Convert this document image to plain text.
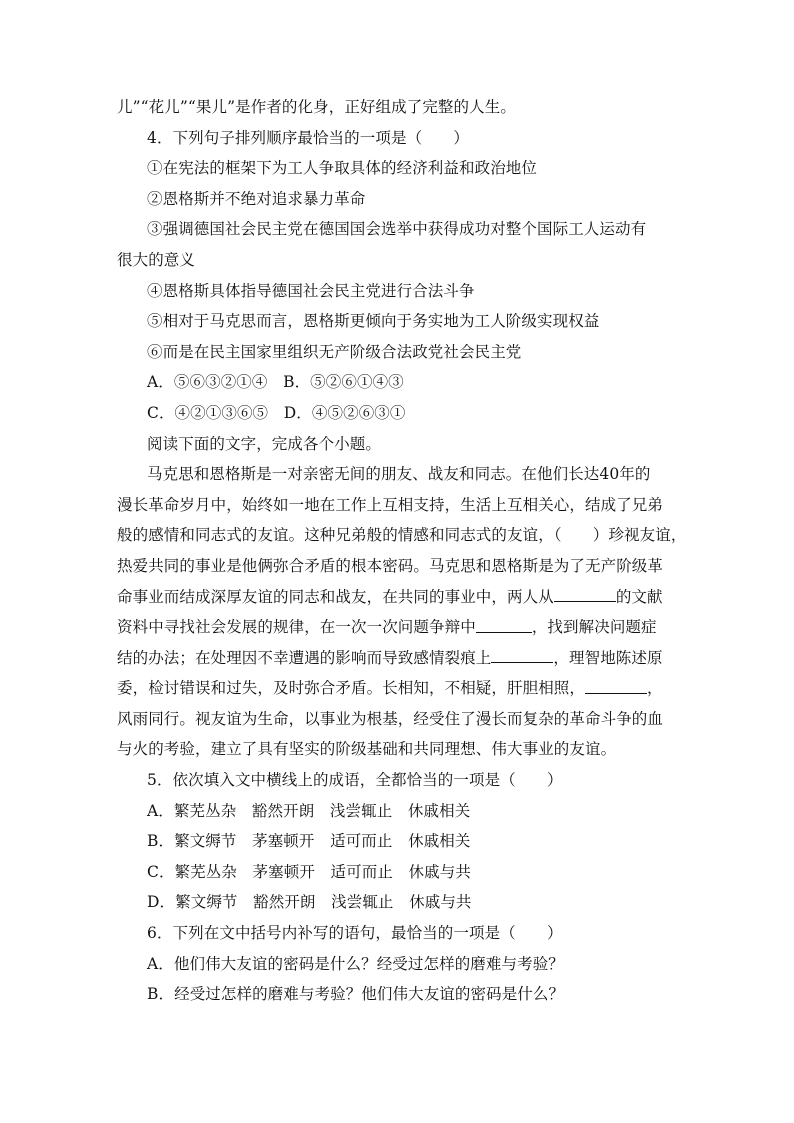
儿”“花儿”“果儿”是作者的化身，正好组成了完整的人生。
4．下列句子排列顺序最恰当的一项是（　　）
①在宪法的框架下为工人争取具体的经济利益和政治地位
②恩格斯并不绝对追求暴力革命
③强调德国社会民主党在德国国会选举中获得成功对整个国际工人运动有
很大的意义
④恩格斯具体指导德国社会民主党进行合法斗争
⑤相对于马克思而言，恩格斯更倾向于务实地为工人阶级实现权益
⑥而是在民主国家里组织无产阶级合法政党社会民主党
A．⑤⑥③②①④　B．⑤②⑥①④③
C．④②①③⑥⑤　D．④⑤②⑥③①
阅读下面的文字，完成各个小题。
马克思和恩格斯是一对亲密无间的朋友、战友和同志。在他们长达40年的
漫长革命岁月中，始终如一地在工作上互相支持，生活上互相关心，结成了兄弟
般的感情和同志式的友谊。这种兄弟般的情感和同志式的友谊，（　　）珍视友谊，
热爱共同的事业是他俩弥合矛盾的根本密码。马克思和恩格斯是为了无产阶级革
命事业而结成深厚友谊的同志和战友，在共同的事业中，两人从	的文献
资料中寻找社会发展的规律，在一次一次问题争辩中	，找到解决问题症
结的办法；在处理因不幸遭遇的影响而导致感情裂痕上	，理智地陈述原
委，检讨错误和过失，及时弥合矛盾。长相知，不相疑，肝胆相照，	，
风雨同行。视友谊为生命，以事业为根基，经受住了漫长而复杂的革命斗争的血
与火的考验，建立了具有坚实的阶级基础和共同理想、伟大事业的友谊。
5．依次填入文中横线上的成语，全都恰当的一项是（　　）
A．繁芜丛杂　豁然开朗　浅尝辄止　休戚相关
B．繁文缛节　茅塞顿开　适可而止　休戚相关
C．繁芜丛杂　茅塞顿开　适可而止　休戚与共
D．繁文缛节　豁然开朗　浅尝辄止　休戚与共
6．下列在文中括号内补写的语句，最恰当的一项是（　　）
A．他们伟大友谊的密码是什么？经受过怎样的磨难与考验？
B．经受过怎样的磨难与考验？他们伟大友谊的密码是什么？
